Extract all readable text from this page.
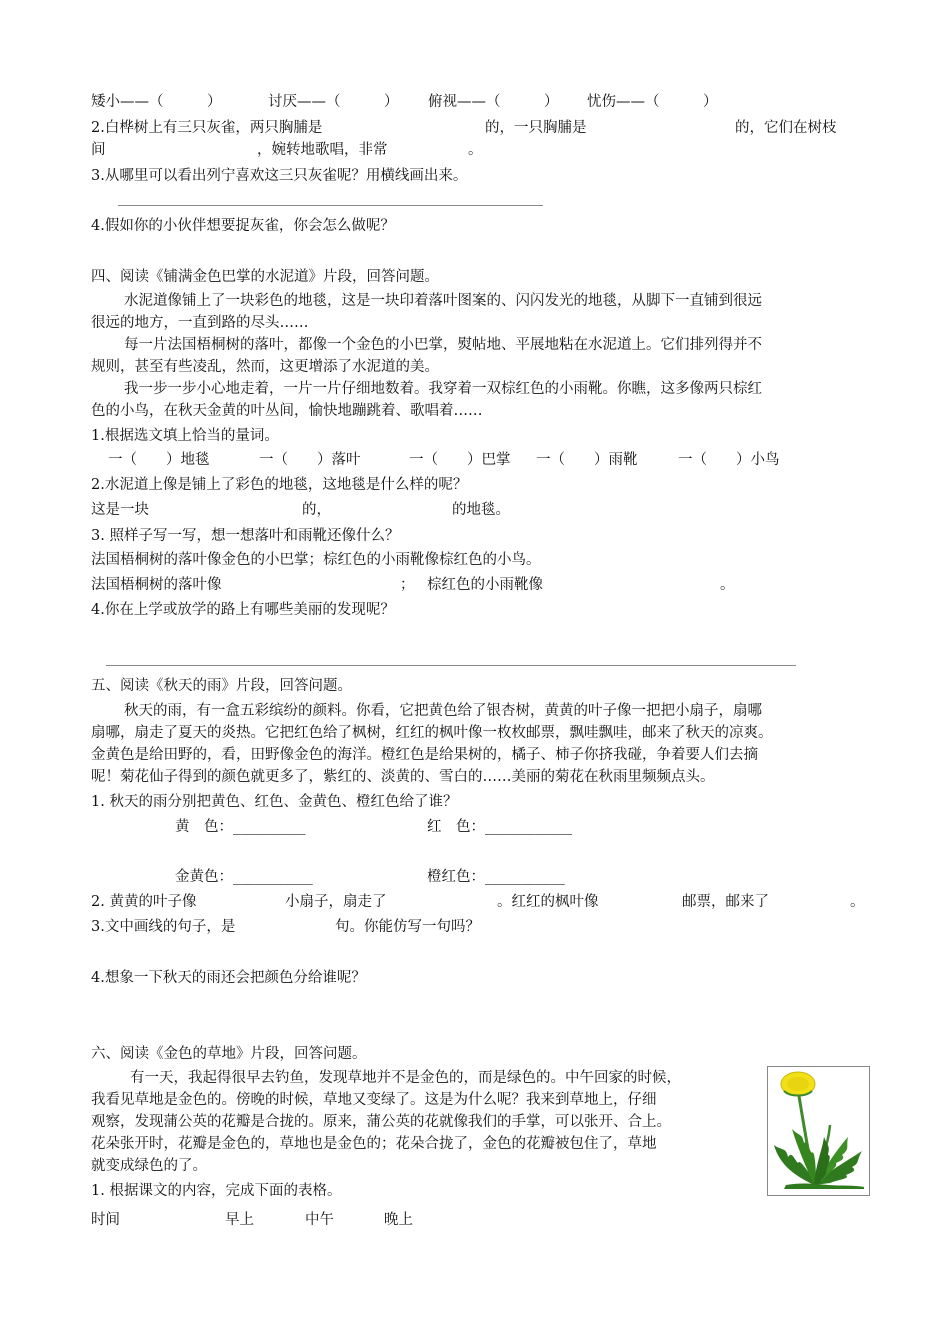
矮小——（　　　）	讨厌——（　　　） 俯视——（　　　） 忧伤——（　　　）
2.白桦树上有三只灰雀，两只胸脯是	的，一只胸脯是	的，它们在树枝
间	，婉转地歌唱，非常	。
3.从哪里可以看出列宁喜欢这三只灰雀呢？用横线画出来。
4.假如你的小伙伴想要捉灰雀，你会怎么做呢？
四、阅读《铺满金色巴掌的水泥道》片段，回答问题。
水泥道像铺上了一块彩色的地毯，这是一块印着落叶图案的、闪闪发光的地毯，从脚下一直铺到很远
很远的地方，一直到路的尽头……
每一片法国梧桐树的落叶，都像一个金色的小巴掌，熨帖地、平展地粘在水泥道上。它们排列得并不
规则，甚至有些凌乱，然而，这更增添了水泥道的美。
我一步一步小心地走着，一片一片仔细地数着。我穿着一双棕红色的小雨靴。你瞧，这多像两只棕红
色的小鸟，在秋天金黄的叶丛间，愉快地蹦跳着、歌唱着……
1.根据选文填上恰当的量词。
一（　　）地毯	一（　　）落叶	一（　　）巴掌 一（　　）雨靴	一（　　）小鸟
2.水泥道上像是铺上了彩色的地毯，这地毯是什么样的呢？
这是一块	的，	的地毯。
3. 照样子写一写，想一想落叶和雨靴还像什么？
法国梧桐树的落叶像金色的小巴掌；棕红色的小雨靴像棕红色的小鸟。
法国梧桐树的落叶像	； 棕红色的小雨靴像	。
4.你在上学或放学的路上有哪些美丽的发现呢？
五、阅读《秋天的雨》片段，回答问题。
秋天的雨，有一盒五彩缤纷的颜料。你看，它把黄色给了银杏树，黄黄的叶子像一把把小扇子，扇哪
扇哪，扇走了夏天的炎热。它把红色给了枫树，红红的枫叶像一枚枚邮票，飘哇飘哇，邮来了秋天的凉爽。
金黄色是给田野的，看，田野像金色的海洋。橙红色是给果树的，橘子、柿子你挤我碰，争着要人们去摘
呢！菊花仙子得到的颜色就更多了，紫红的、淡黄的、雪白的……美丽的菊花在秋雨里频频点头。
1. 秋天的雨分别把黄色、红色、金黄色、橙红色给了谁？
黄　色：__________	红　色：____________
金黄色：___________	橙红色：___________
2. 黄黄的叶子像	小扇子，扇走了	。红红的枫叶像	邮票，邮来了	。
3.文中画线的句子，是	句。你能仿写一句吗？
4.想象一下秋天的雨还会把颜色分给谁呢？
六、阅读《金色的草地》片段，回答问题。
有一天，我起得很早去钓鱼，发现草地并不是金色的，而是绿色的。中午回家的时候，
我看见草地是金色的。傍晚的时候，草地又变绿了。这是为什么呢？我来到草地上，仔细
观察，发现蒲公英的花瓣是合拢的。原来，蒲公英的花就像我们的手掌，可以张开、合上。
花朵张开时，花瓣是金色的，草地也是金色的；花朵合拢了，金色的花瓣被包住了，草地
就变成绿色的了。
1. 根据课文的内容，完成下面的表格。
时间	早上	中午	晚上
